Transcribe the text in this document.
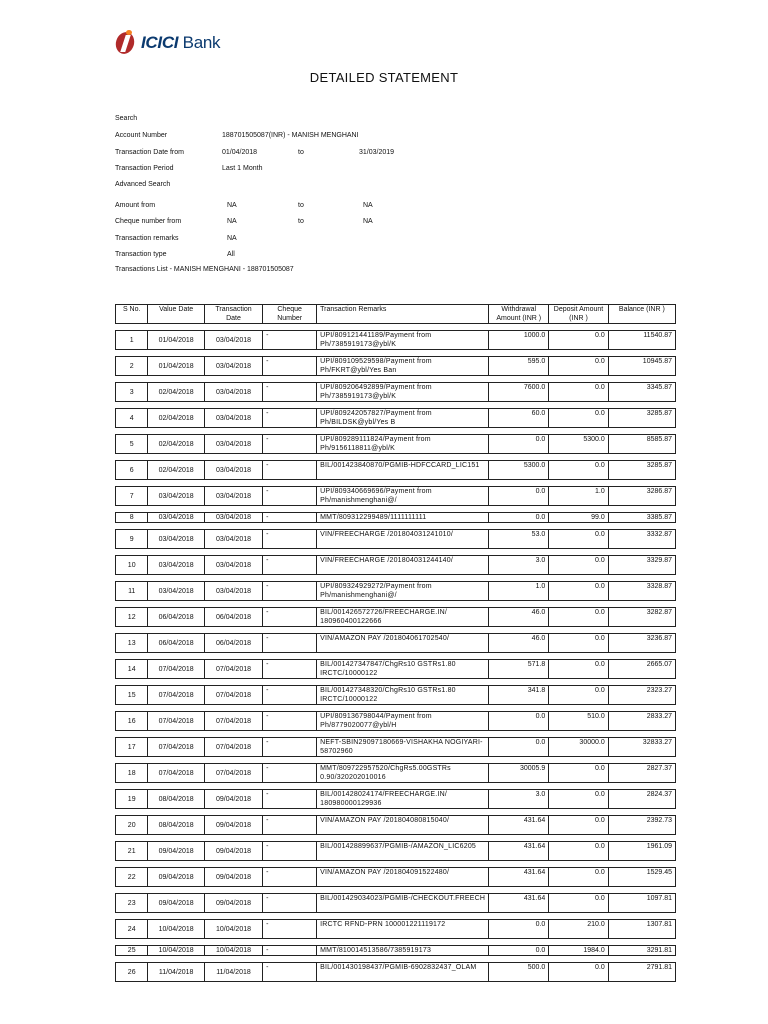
ICICI Bank
DETAILED STATEMENT
Search
Account Number	188701505087(INR) - MANISH MENGHANI
Transaction Date from	01/04/2018	to	31/03/2019
Transaction Period	Last 1 Month
Advanced Search
Amount from	NA	to	NA
Cheque number from	NA	to	NA
Transaction remarks	NA
Transaction type	All
Transactions List - MANISH MENGHANI - 188701505087
S No.	Value Date	Transaction Date	Cheque Number	Transaction Remarks	Withdrawal Amount (INR )	Deposit Amount (INR )	Balance (INR )
1	01/04/2018	03/04/2018	-	UPI/809121441189/Payment from Ph/7385919173@ybl/K	1000.0	0.0	11540.87
2	01/04/2018	03/04/2018	-	UPI/809109529598/Payment from Ph/FKRT@ybl/Yes Ban	595.0	0.0	10945.87
3	02/04/2018	03/04/2018	-	UPI/809206492899/Payment from Ph/7385919173@ybl/K	7600.0	0.0	3345.87
4	02/04/2018	03/04/2018	-	UPI/809242057827/Payment from Ph/BILDSK@ybl/Yes B	60.0	0.0	3285.87
5	02/04/2018	03/04/2018	-	UPI/809289111824/Payment from Ph/9156118811@ybl/K	0.0	5300.0	8585.87
6	02/04/2018	03/04/2018	-	BIL/001423840870/PGMIB-HDFCCARD_LIC151	5300.0	0.0	3285.87
7	03/04/2018	03/04/2018	-	UPI/809340669696/Payment from Ph/manishmenghani@/	0.0	1.0	3286.87
8	03/04/2018	03/04/2018	-	MMT/809312299489/1111111111	0.0	99.0	3385.87
9	03/04/2018	03/04/2018	-	VIN/FREECHARGE /201804031241010/	53.0	0.0	3332.87
10	03/04/2018	03/04/2018	-	VIN/FREECHARGE /201804031244140/	3.0	0.0	3329.87
11	03/04/2018	03/04/2018	-	UPI/809324929272/Payment from Ph/manishmenghani@/	1.0	0.0	3328.87
12	06/04/2018	06/04/2018	-	BIL/001426572726/FREECHARGE.IN/ 180960400122666	46.0	0.0	3282.87
13	06/04/2018	06/04/2018	-	VIN/AMAZON PAY /201804061702540/	46.0	0.0	3236.87
14	07/04/2018	07/04/2018	-	BIL/001427347847/ChgRs10 GSTRs1.80 IRCTC/10000122	571.8	0.0	2665.07
15	07/04/2018	07/04/2018	-	BIL/001427348320/ChgRs10 GSTRs1.80 IRCTC/10000122	341.8	0.0	2323.27
16	07/04/2018	07/04/2018	-	UPI/809136798044/Payment from Ph/8779020077@ybl/H	0.0	510.0	2833.27
17	07/04/2018	07/04/2018	-	NEFT-SBIN29097180669-VISHAKHA NOGIYARI-58702960	0.0	30000.0	32833.27
18	07/04/2018	07/04/2018	-	MMT/809722957520/ChgRs5.00GSTRs 0.90/320202010016	30005.9	0.0	2827.37
19	08/04/2018	09/04/2018	-	BIL/001428024174/FREECHARGE.IN/ 180980000129936	3.0	0.0	2824.37
20	08/04/2018	09/04/2018	-	VIN/AMAZON PAY /201804080815040/	431.64	0.0	2392.73
21	09/04/2018	09/04/2018	-	BIL/001428899637/PGMIB-/AMAZON_LIC6205	431.64	0.0	1961.09
22	09/04/2018	09/04/2018	-	VIN/AMAZON PAY /201804091522480/	431.64	0.0	1529.45
23	09/04/2018	09/04/2018	-	BIL/001429034023/PGMIB-/CHECKOUT.FREECH	431.64	0.0	1097.81
24	10/04/2018	10/04/2018	-	IRCTC RFND-PRN 100001221119172	0.0	210.0	1307.81
25	10/04/2018	10/04/2018	-	MMT/810014513586/7385919173	0.0	1984.0	3291.81
26	11/04/2018	11/04/2018	-	BIL/001430198437/PGMIB-6902832437_OLAM	500.0	0.0	2791.81
